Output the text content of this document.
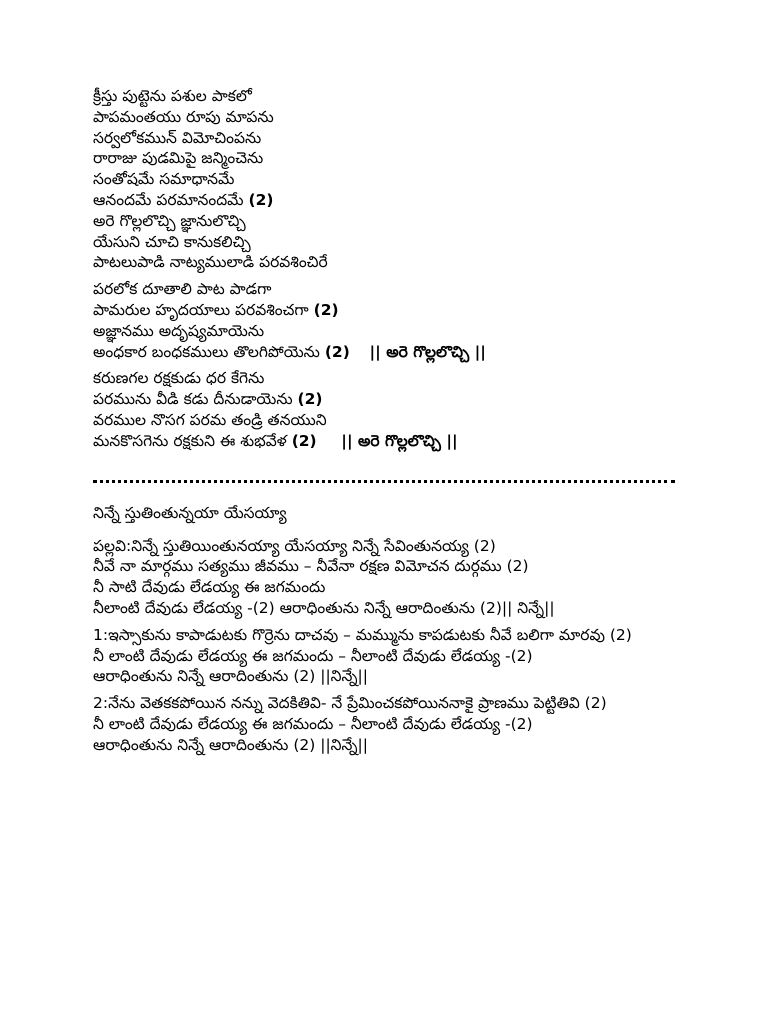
క్రీస్తు పుట్టెను పశుల పాకలో
పాపమంతయు రూపు మాపను
సర్వలోకమున్ విమోచింపను
రారాజు పుడమిపై జన్మించెను
సంతోషమే సమాధానమే
ఆనందమే పరమానందమే (2)
అరె గొల్లలొచ్చి జ్ఞానులొచ్చి
యేసుని చూచి కానుకలిచ్చి
పాటలుపాడి నాట్యములాడి పరవశించిరే
పరలోక దూతాలి పాట పాడగా
పామరుల హృదయాలు పరవశించగా (2)
అజ్ఞానము అదృష్యమాయెను
అంధకార బంధకములు తొలగిపోయెను (2) || అరె గొల్లలొచ్చి ||
కరుణగల రక్షకుడు ధర కేగెను
పరమును వీడి కడు దీనుడాయెను (2)
వరముల నొసగ పరమ తండ్రి తనయుని
మనకొసగెను రక్షకుని ఈ శుభవేళ (2) || అరె గొల్లలొచ్చి ||
నిన్నే స్తుతింతున్నయా యేసయ్యా
పల్లవి:నిన్నే స్తుతియింతునయ్యా యేసయ్యా నిన్నే సేవింతునయ్య (2)
నీవే నా మార్గము సత్యము జీవము – నీవేనా రక్షణ విమోచన దుర్గము (2)
నీ సాటి దేవుడు లేడయ్య ఈ జగమందు
నీలాంటి దేవుడు లేడయ్య -(2) ఆరాధింతును నిన్నే ఆరాదింతును (2)|| నిన్నే||
1:ఇస్సాకును కాపాడుటకు గొర్రెను దాచవు – మమ్మును కాపడుటకు నీవే బలిగా మారవు (2)
నీ లాంటి దేవుడు లేడయ్య ఈ జగమందు – నీలాంటి దేవుడు లేడయ్య -(2)
ఆరాధింతును నిన్నే ఆరాదింతును (2) ||నిన్నే||
2:నేను వెతకకపోయిన నన్ను వెదకితివి- నే ప్రేమించకపోయిననాకై ప్రాణము పెట్టితివి (2)
నీ లాంటి దేవుడు లేడయ్య ఈ జగమందు – నీలాంటి దేవుడు లేడయ్య -(2)
ఆరాధింతును నిన్నే ఆరాదింతును (2) ||నిన్నే||
